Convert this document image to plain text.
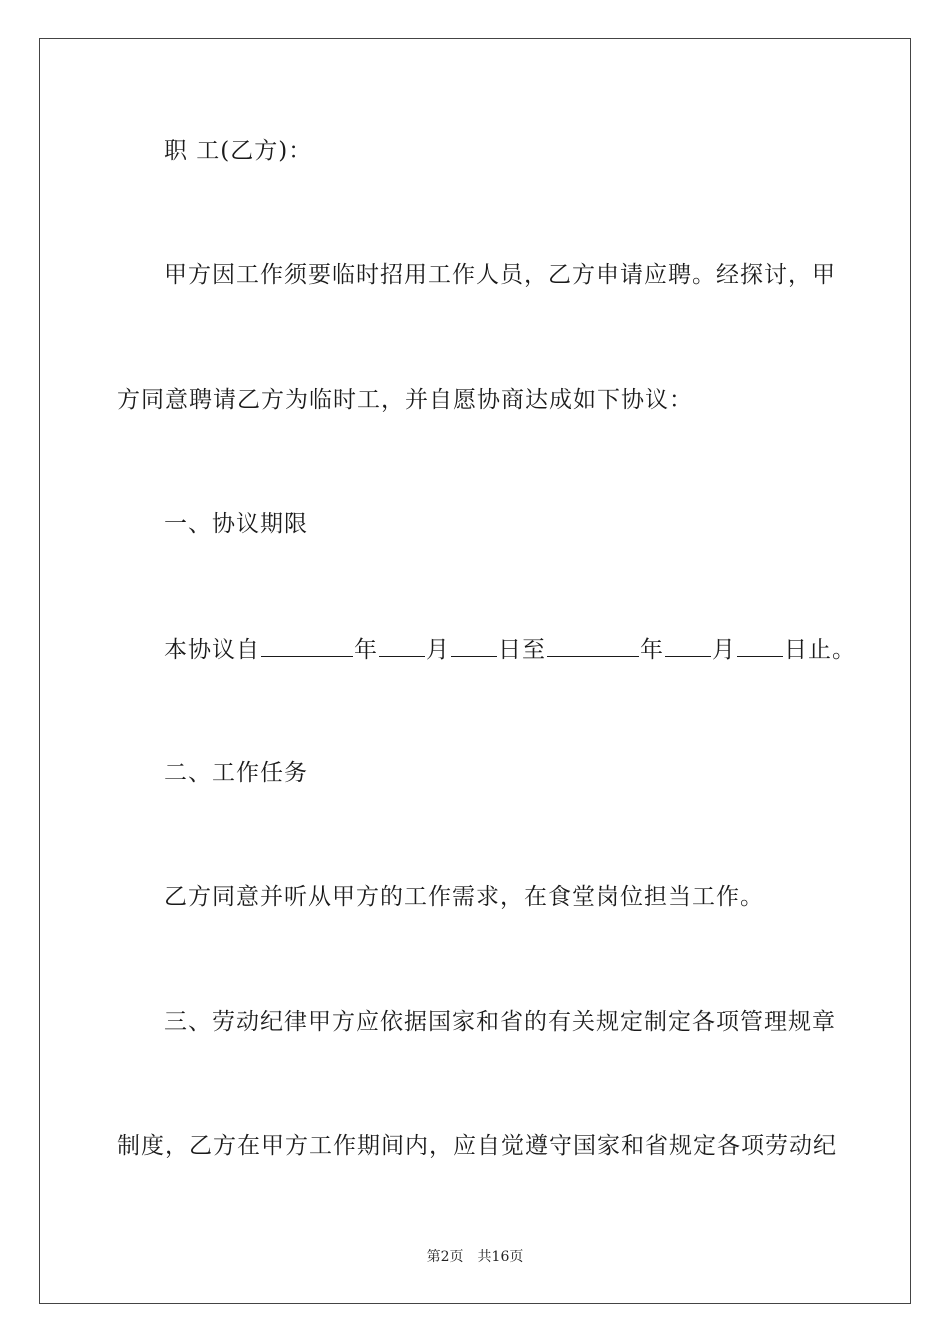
职 工(乙方)：
甲方因工作须要临时招用工作人员，乙方申请应聘。经探讨，甲
方同意聘请乙方为临时工，并自愿协商达成如下协议：
一、协议期限
本协议自	年 月 日至	年 月 日止。
二、工作任务
乙方同意并听从甲方的工作需求，在食堂岗位担当工作。
三、劳动纪律甲方应依据国家和省的有关规定制定各项管理规章
制度，乙方在甲方工作期间内，应自觉遵守国家和省规定各项劳动纪
第2页 共16页
